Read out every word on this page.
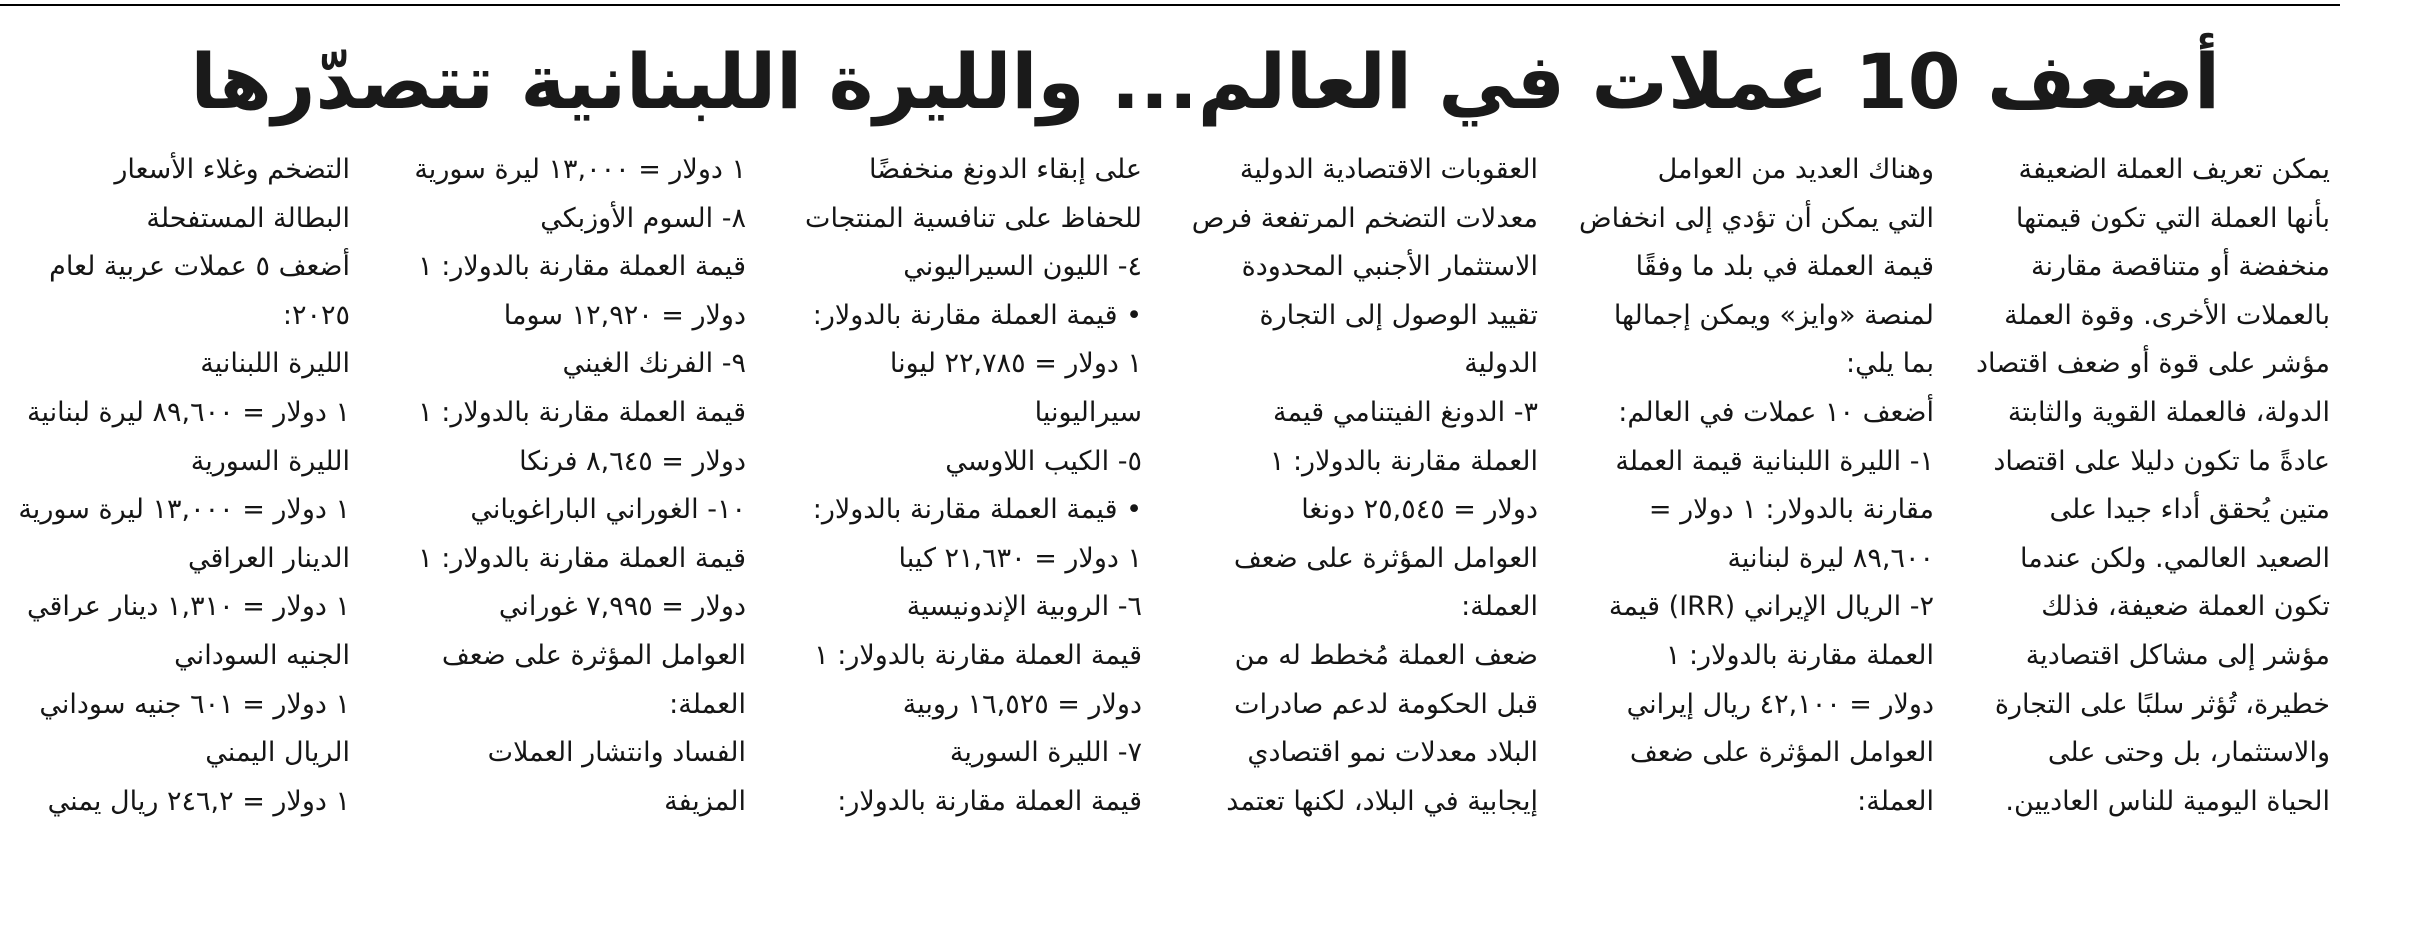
أضعف 10 عملات في العالم... والليرة اللبنانية تتصدّرها
يمكن تعريف العملة الضعيفة
بأنها العملة التي تكون قيمتها
منخفضة أو متناقصة مقارنة
بالعملات الأخرى. وقوة العملة
مؤشر على قوة أو ضعف اقتصاد
الدولة، فالعملة القوية والثابتة
عادةً ما تكون دليلا على اقتصاد
متين يُحقق أداء جيدا على
الصعيد العالمي. ولكن عندما
تكون العملة ضعيفة، فذلك
مؤشر إلى مشاكل اقتصادية
خطيرة، تُؤثر سلبًا على التجارة
والاستثمار، بل وحتى على
الحياة اليومية للناس العاديين.
وهناك العديد من العوامل
التي يمكن أن تؤدي إلى انخفاض
قيمة العملة في بلد ما وفقًا
لمنصة «وايز» ويمكن إجمالها
بما يلي:
أضعف ١٠ عملات في العالم:
١- الليرة اللبنانية قيمة العملة
مقارنة بالدولار: ١ دولار =
٨٩,٦٠٠ ليرة لبنانية
٢- الريال الإيراني (IRR) قيمة
العملة مقارنة بالدولار: ١
دولار = ٤٢,١٠٠ ريال إيراني
العوامل المؤثرة على ضعف
العملة:
العقوبات الاقتصادية الدولية
معدلات التضخم المرتفعة فرص
الاستثمار الأجنبي المحدودة
تقييد الوصول إلى التجارة
الدولية
٣- الدونغ الفيتنامي قيمة
العملة مقارنة بالدولار: ١
دولار = ٢٥,٥٤٥ دونغا
العوامل المؤثرة على ضعف
العملة:
ضعف العملة مُخطط له من
قبل الحكومة لدعم صادرات
البلاد معدلات نمو اقتصادي
إيجابية في البلاد، لكنها تعتمد
على إبقاء الدونغ منخفضًا
للحفاظ على تنافسية المنتجات
٤- الليون السيراليوني
• قيمة العملة مقارنة بالدولار:
١ دولار = ٢٢,٧٨٥ ليونا
سيراليونيا
٥- الكيب اللاوسي
• قيمة العملة مقارنة بالدولار:
١ دولار = ٢١,٦٣٠ كيبا
٦- الروبية الإندونيسية
قيمة العملة مقارنة بالدولار: ١
دولار = ١٦,٥٢٥ روبية
٧- الليرة السورية
قيمة العملة مقارنة بالدولار:
١ دولار = ١٣,٠٠٠ ليرة سورية
٨- السوم الأوزبكي
قيمة العملة مقارنة بالدولار: ١
دولار = ١٢,٩٢٠ سوما
٩- الفرنك الغيني
قيمة العملة مقارنة بالدولار: ١
دولار = ٨,٦٤٥ فرنكا
١٠- الغوراني الباراغوياني
قيمة العملة مقارنة بالدولار: ١
دولار = ٧,٩٩٥ غوراني
العوامل المؤثرة على ضعف
العملة:
الفساد وانتشار العملات
المزيفة
التضخم وغلاء الأسعار
البطالة المستفحلة
أضعف ٥ عملات عربية لعام
٢٠٢٥:
الليرة اللبنانية
١ دولار = ٨٩,٦٠٠ ليرة لبنانية
الليرة السورية
١ دولار = ١٣,٠٠٠ ليرة سورية
الدينار العراقي
١ دولار = ١,٣١٠ دينار عراقي
الجنيه السوداني
١ دولار = ٦٠١ جنيه سوداني
الريال اليمني
١ دولار = ٢٤٦,٢ ريال يمني
